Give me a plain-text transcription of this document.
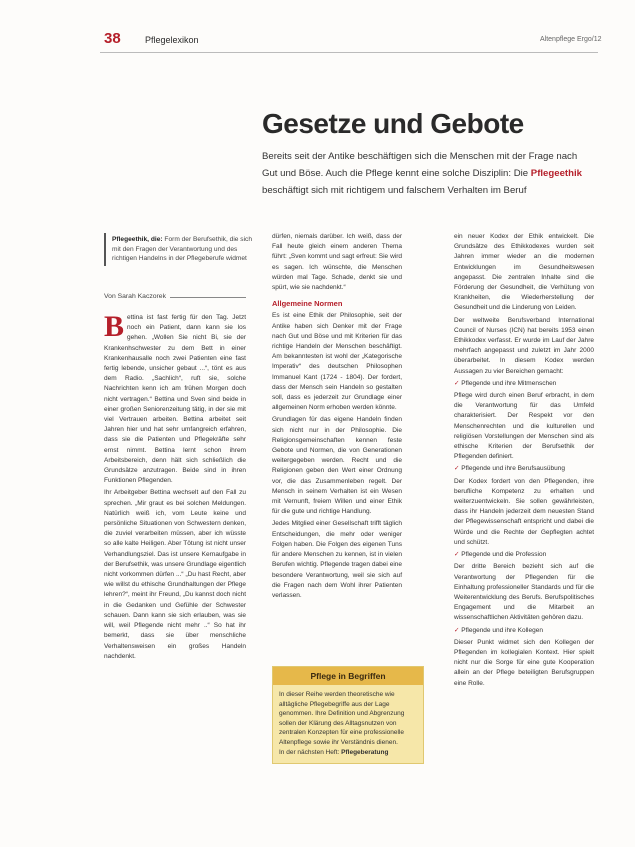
38	Pflegelexikon	Altenpflege Ergo/12
Gesetze und Gebote

Bereits seit der Antike beschäftigen sich die Menschen mit der Frage nach Gut und Böse. Auch die Pflege kennt eine solche Disziplin: Die Pflegeethik beschäftigt sich mit richtigem und falschem Verhalten im Beruf

Pflegeethik, die: Form der Berufsethik, die sich mit den Fragen der Verantwortung und des richtigen Handelns in der Pflegeberufe widmet
Von Sarah Kaczorek

Bettina ist fast fertig für den Tag. Jetzt noch ein Patient, dann kann sie los gehen. „Wollen Sie nicht Bi, sie der Krankenhschwester zu dem Bett in einer Krankenhausalle noch zwei Patienten eine fast fertig lebende, unsicher gebaut ...“, tönt es aus dem Radio. „Sachlich“, ruft sie, solche Nachrichten kenn ich am frühen Morgen doch nicht vertragen.“ Bettina und Sven sind beide in einer großen Seniorenzeitung tätig, in der sie mit viel Vertrauen arbeiten. Bettina arbeitet seit Jahren hier und hat sehr umfangreich erfahren, dass sie die Patienten und Pflegekräfte sehr ernst nimmt. Bettina lernt schon ihrem Arbeitsbereich, denn hält sich schließlich die Grundsätze anzutragen. Beide sind in ihren Funktionen Pflegenden.

Ihr Arbeitgeber Bettina wechselt auf den Fall zu sprechen. „Mir graut es bei solchen Meldungen. Natürlich weiß ich, vom Leute keine und persönliche Situationen von Schwestern denken, die zuviel verarbeiten müssen, aber ich wüsste so alle kalte Heiligen. Aber Tötung ist nicht unser Verhandlungsziel. Das ist unsere Kernaufgabe in der Berufsethik, was unsere Grundlage eigentlich nicht vorkommen dürfen ...“ „Du hast Recht, aber wie willst du ethische Grundhaltungen der Pflege lehren?“, meint ihr Freund, „Du kannst doch nicht in die Gedanken und Gefühle der Schwester schauen. Dann kann sie sich erlauben, was sie will, weil Pflegende nicht mehr ..“ So hat ihr bemerkt, dass sie über menschliche Verhaltensweisen ein großes Handeln nachdenkt.

dürfen, niemals darüber. Ich weiß, dass der Fall heute gleich einem anderen Thema führt: „Sven kommt und sagt erfreut: Sie wird es sagen. Ich wünschte, die Menschen würden mal Tage. Schade, denkt sie und spürt, wie sie nachdenkt.“

Allgemeine Normen

Es ist eine Ethik der Philosophie, seit der Antike haben sich Denker mit der Frage nach Gut und Böse und mit Kriterien für das richtige Handeln der Menschen beschäftigt. Am bekanntesten ist wohl der „Kategorische Imperativ“ des deutschen Philosophen Immanuel Kant (1724 - 1804). Der fordert, dass der Mensch sein Handeln so gestalten soll, dass es jederzeit zur Grundlage einer allgemeinen Norm erhoben werden könnte.

Grundlagen für das eigene Handeln finden sich nicht nur in der Philosophie. Die Religionsgemeinschaften kennen feste Gebote und Normen, die von Generationen weitergegeben werden. Recht und die Religionen geben den Wert einer Ordnung vor, die das Zusammenleben regelt. Der Mensch in seinem Verhalten ist ein Wesen mit Vernunft, freiem Willen und einer Ethik für die gute und richtige Handlung.

Jedes Mitglied einer Gesellschaft trifft täglich Entscheidungen, die mehr oder weniger Folgen haben. Die Folgen des eigenen Tuns für andere Menschen zu kennen, ist in vielen Berufen wichtig. Pflegende tragen dabei eine besondere Verantwortung, weil sie sich auf die Fragen nach dem Wohl ihrer Patienten verlassen.

ein neuer Kodex der Ethik entwickelt. Die Grundsätze des Ethikkodexes wurden seit Jahren immer wieder an die modernen Entwicklungen im Gesundheitswesen angepasst. Die zentralen Inhalte sind die Förderung der Gesundheit, die Verhütung von Krankheiten, die Wiederherstellung der Gesundheit und die Linderung von Leiden.

Der weltweite Berufsverband International Council of Nurses (ICN) hat bereits 1953 einen Ethikkodex verfasst. Er wurde im Lauf der Jahre mehrfach angepasst und zuletzt im Jahr 2000 überarbeitet. In diesem Kodex werden Aussagen zu vier Bereichen gemacht:

✓ Pflegende und ihre Mitmenschen

Pflege wird durch einen Beruf erbracht, in dem die Verantwortung für das Umfeld charakterisiert. Der Respekt vor den Menschenrechten und die kulturellen und religiösen Vorstellungen der Menschen sind als ethische Kriterien der Berufsethik der Pflegenden definiert.

✓ Pflegende und ihre Berufsausübung

Der Kodex fordert von den Pflegenden, ihre berufliche Kompetenz zu erhalten und weiterzuentwickeln. Sie sollen gewährleisten, dass ihr Handeln jederzeit dem neuesten Stand der Pflegewissenschaft entspricht und dabei die Würde und die Rechte der Gepflegten achtet und schützt.

✓ Pflegende und die Profession

Der dritte Bereich bezieht sich auf die Verantwortung der Pflegenden für die Einhaltung professioneller Standards und für die Weiterentwicklung des Berufs. Berufspolitisches Engagement und die Mitarbeit an wissenschaftlichen Aktivitäten gehören dazu.

✓ Pflegende und ihre Kollegen

Dieser Punkt widmet sich den Kollegen der Pflegenden im kollegialen Kontext. Hier spielt nicht nur die Sorge für eine gute Kooperation allein an der Pflege beteiligten Berufsgruppen eine Rolle.

Pflege in Begriffen

In dieser Reihe werden theoretische wie alltägliche Pflegebegriffe aus der Lage genommen. Ihre Definition und Abgrenzung sollen der Klärung des Alltagsnutzen von zentralen Konzepten für eine professionelle Altenpflege sowie ihr Verständnis dienen.
In der nächsten Heft: Pflegeberatung
